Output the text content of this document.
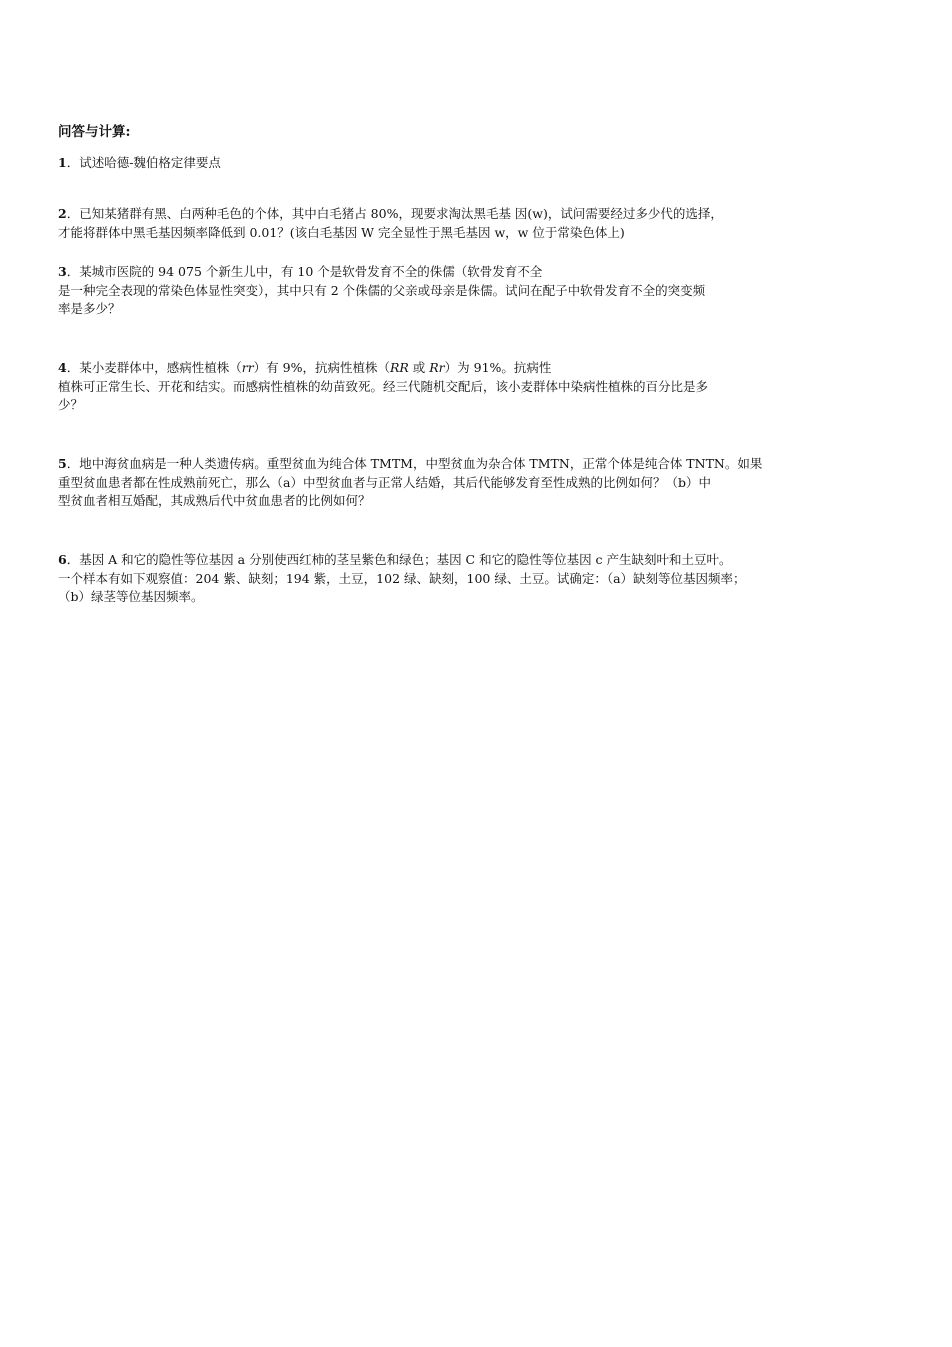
问答与计算:
1．试述哈德-魏伯格定律要点
2．已知某猪群有黑、白两种毛色的个体，其中白毛猪占 80%，现要求淘汰黑毛基 因(w)，试问需要经过多少代的选择，
才能将群体中黑毛基因频率降低到 0.01？(该白毛基因 W 完全显性于黑毛基因 w，w 位于常染色体上)
3．某城市医院的 94 075 个新生儿中，有 10 个是软骨发育不全的侏儒（软骨发育不全
是一种完全表现的常染色体显性突变），其中只有 2 个侏儒的父亲或母亲是侏儒。试问在配子中软骨发育不全的突变频
率是多少？
4．某小麦群体中，感病性植株（rr）有 9%，抗病性植株（RR 或 Rr）为 91%。抗病性
植株可正常生长、开花和结实。而感病性植株的幼苗致死。经三代随机交配后，该小麦群体中染病性植株的百分比是多
少？
5．地中海贫血病是一种人类遗传病。重型贫血为纯合体 TMTM，中型贫血为杂合体 TMTN，正常个体是纯合体 TNTN。如果
重型贫血患者都在性成熟前死亡，那么（a）中型贫血者与正常人结婚，其后代能够发育至性成熟的比例如何？（b）中
型贫血者相互婚配，其成熟后代中贫血患者的比例如何？
6．基因 A 和它的隐性等位基因 a 分别使西红柿的茎呈紫色和绿色；基因 C 和它的隐性等位基因 c 产生缺刻叶和土豆叶。
一个样本有如下观察值：204 紫、缺刻；194 紫，土豆，102 绿、缺刻，100 绿、土豆。试确定：（a）缺刻等位基因频率；
（b）绿茎等位基因频率。
